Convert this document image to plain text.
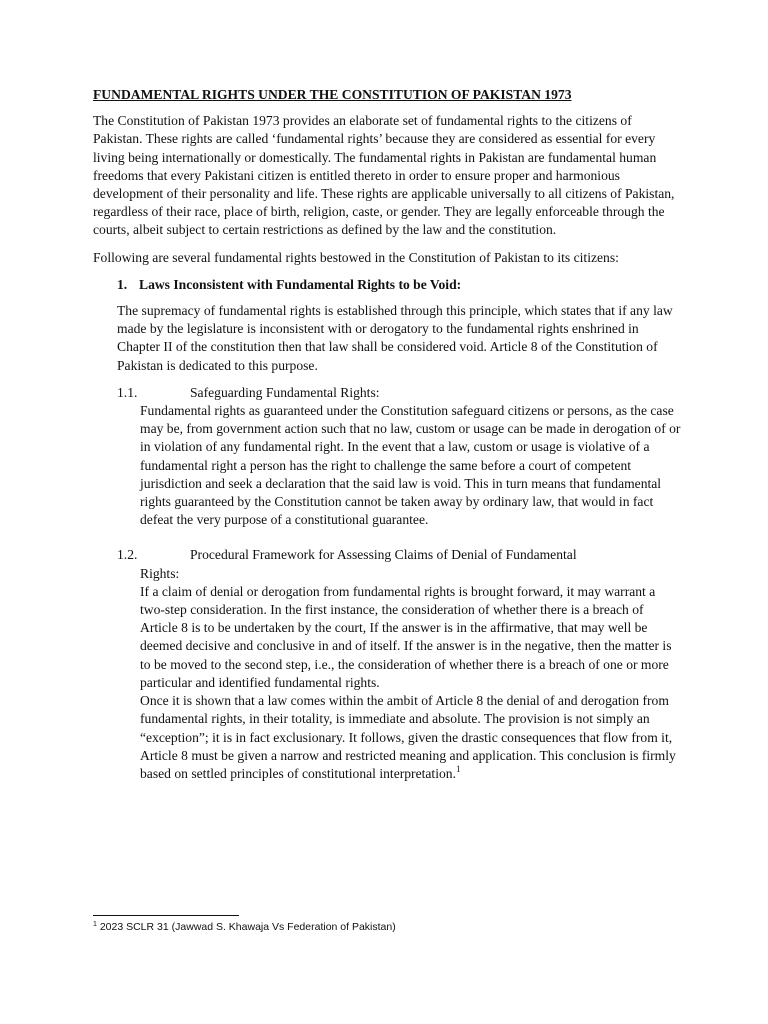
FUNDAMENTAL RIGHTS UNDER THE CONSTITUTION OF PAKISTAN 1973

The Constitution of Pakistan 1973 provides an elaborate set of fundamental rights to the citizens of Pakistan. These rights are called ‘fundamental rights’ because they are considered as essential for every living being internationally or domestically. The fundamental rights in Pakistan are fundamental human freedoms that every Pakistani citizen is entitled thereto in order to ensure proper and harmonious development of their personality and life. These rights are applicable universally to all citizens of Pakistan, regardless of their race, place of birth, religion, caste, or gender. They are legally enforceable through the courts, albeit subject to certain restrictions as defined by the law and the constitution.

Following are several fundamental rights bestowed in the Constitution of Pakistan to its citizens:

1. Laws Inconsistent with Fundamental Rights to be Void:

The supremacy of fundamental rights is established through this principle, which states that if any law made by the legislature is inconsistent with or derogatory to the fundamental rights enshrined in Chapter II of the constitution then that law shall be considered void. Article 8 of the Constitution of Pakistan is dedicated to this purpose.

1.1.	Safeguarding Fundamental Rights:
Fundamental rights as guaranteed under the Constitution safeguard citizens or persons, as the case may be, from government action such that no law, custom or usage can be made in derogation of or in violation of any fundamental right. In the event that a law, custom or usage is violative of a fundamental right a person has the right to challenge the same before a court of competent jurisdiction and seek a declaration that the said law is void. This in turn means that fundamental rights guaranteed by the Constitution cannot be taken away by ordinary law, that would in fact defeat the very purpose of a constitutional guarantee.
1.2.	Procedural Framework for Assessing Claims of Denial of Fundamental
Rights:
If a claim of denial or derogation from fundamental rights is brought forward, it may warrant a two-step consideration. In the first instance, the consideration of whether there is a breach of Article 8 is to be undertaken by the court, If the answer is in the affirmative, that may well be deemed decisive and conclusive in and of itself. If the answer is in the negative, then the matter is to be moved to the second step, i.e., the consideration of whether there is a breach of one or more particular and identified fundamental rights.
Once it is shown that a law comes within the ambit of Article 8 the denial of and derogation from fundamental rights, in their totality, is immediate and absolute. The provision is not simply an “exception”; it is in fact exclusionary. It follows, given the drastic consequences that flow from it, Article 8 must be given a narrow and restricted meaning and application. This conclusion is firmly based on settled principles of constitutional interpretation.$^1$
$^1$ 2023 SCLR 31 (Jawwad S. Khawaja Vs Federation of Pakistan)
